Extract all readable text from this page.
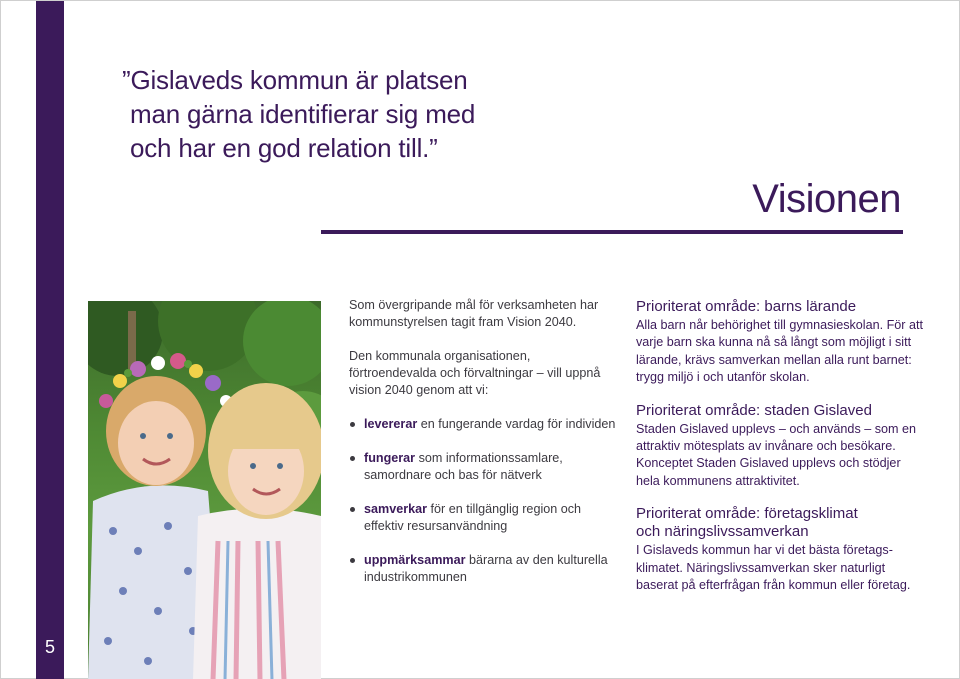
5
”Gislaveds kommun är platsen
man gärna identifierar sig med
och har en god relation till.”
Visionen

Som övergripande mål för verksamheten har kommunstyrelsen tagit fram Vision 2040.

Den kommunala organisationen, förtroendevalda och förvaltningar – vill uppnå vision 2040 genom att vi:

levererar en fungerande vardag för individen
fungerar som informationssamlare, samordnare och bas för nätverk
samverkar för en tillgänglig region och effektiv resursanvändning
uppmärksammar bärarna av den kulturella industrikommunen
Prioriterat område: barns lärande

Alla barn når behörighet till gymnasieskolan. För att varje barn ska kunna nå så långt som möjligt i sitt lärande, krävs samverkan mellan alla runt barnet: trygg miljö i och utanför skolan.

Prioriterat område: staden Gislaved

Staden Gislaved upplevs – och används – som en attraktiv mötesplats av invånare och besökare. Konceptet Staden Gislaved upplevs och stödjer hela kommunens attraktivitet.

Prioriterat område: företagsklimat
och näringslivssamverkan

I Gislaveds kommun har vi det bästa företags-klimatet. Näringslivssamverkan sker naturligt baserat på efterfrågan från kommun eller företag.
